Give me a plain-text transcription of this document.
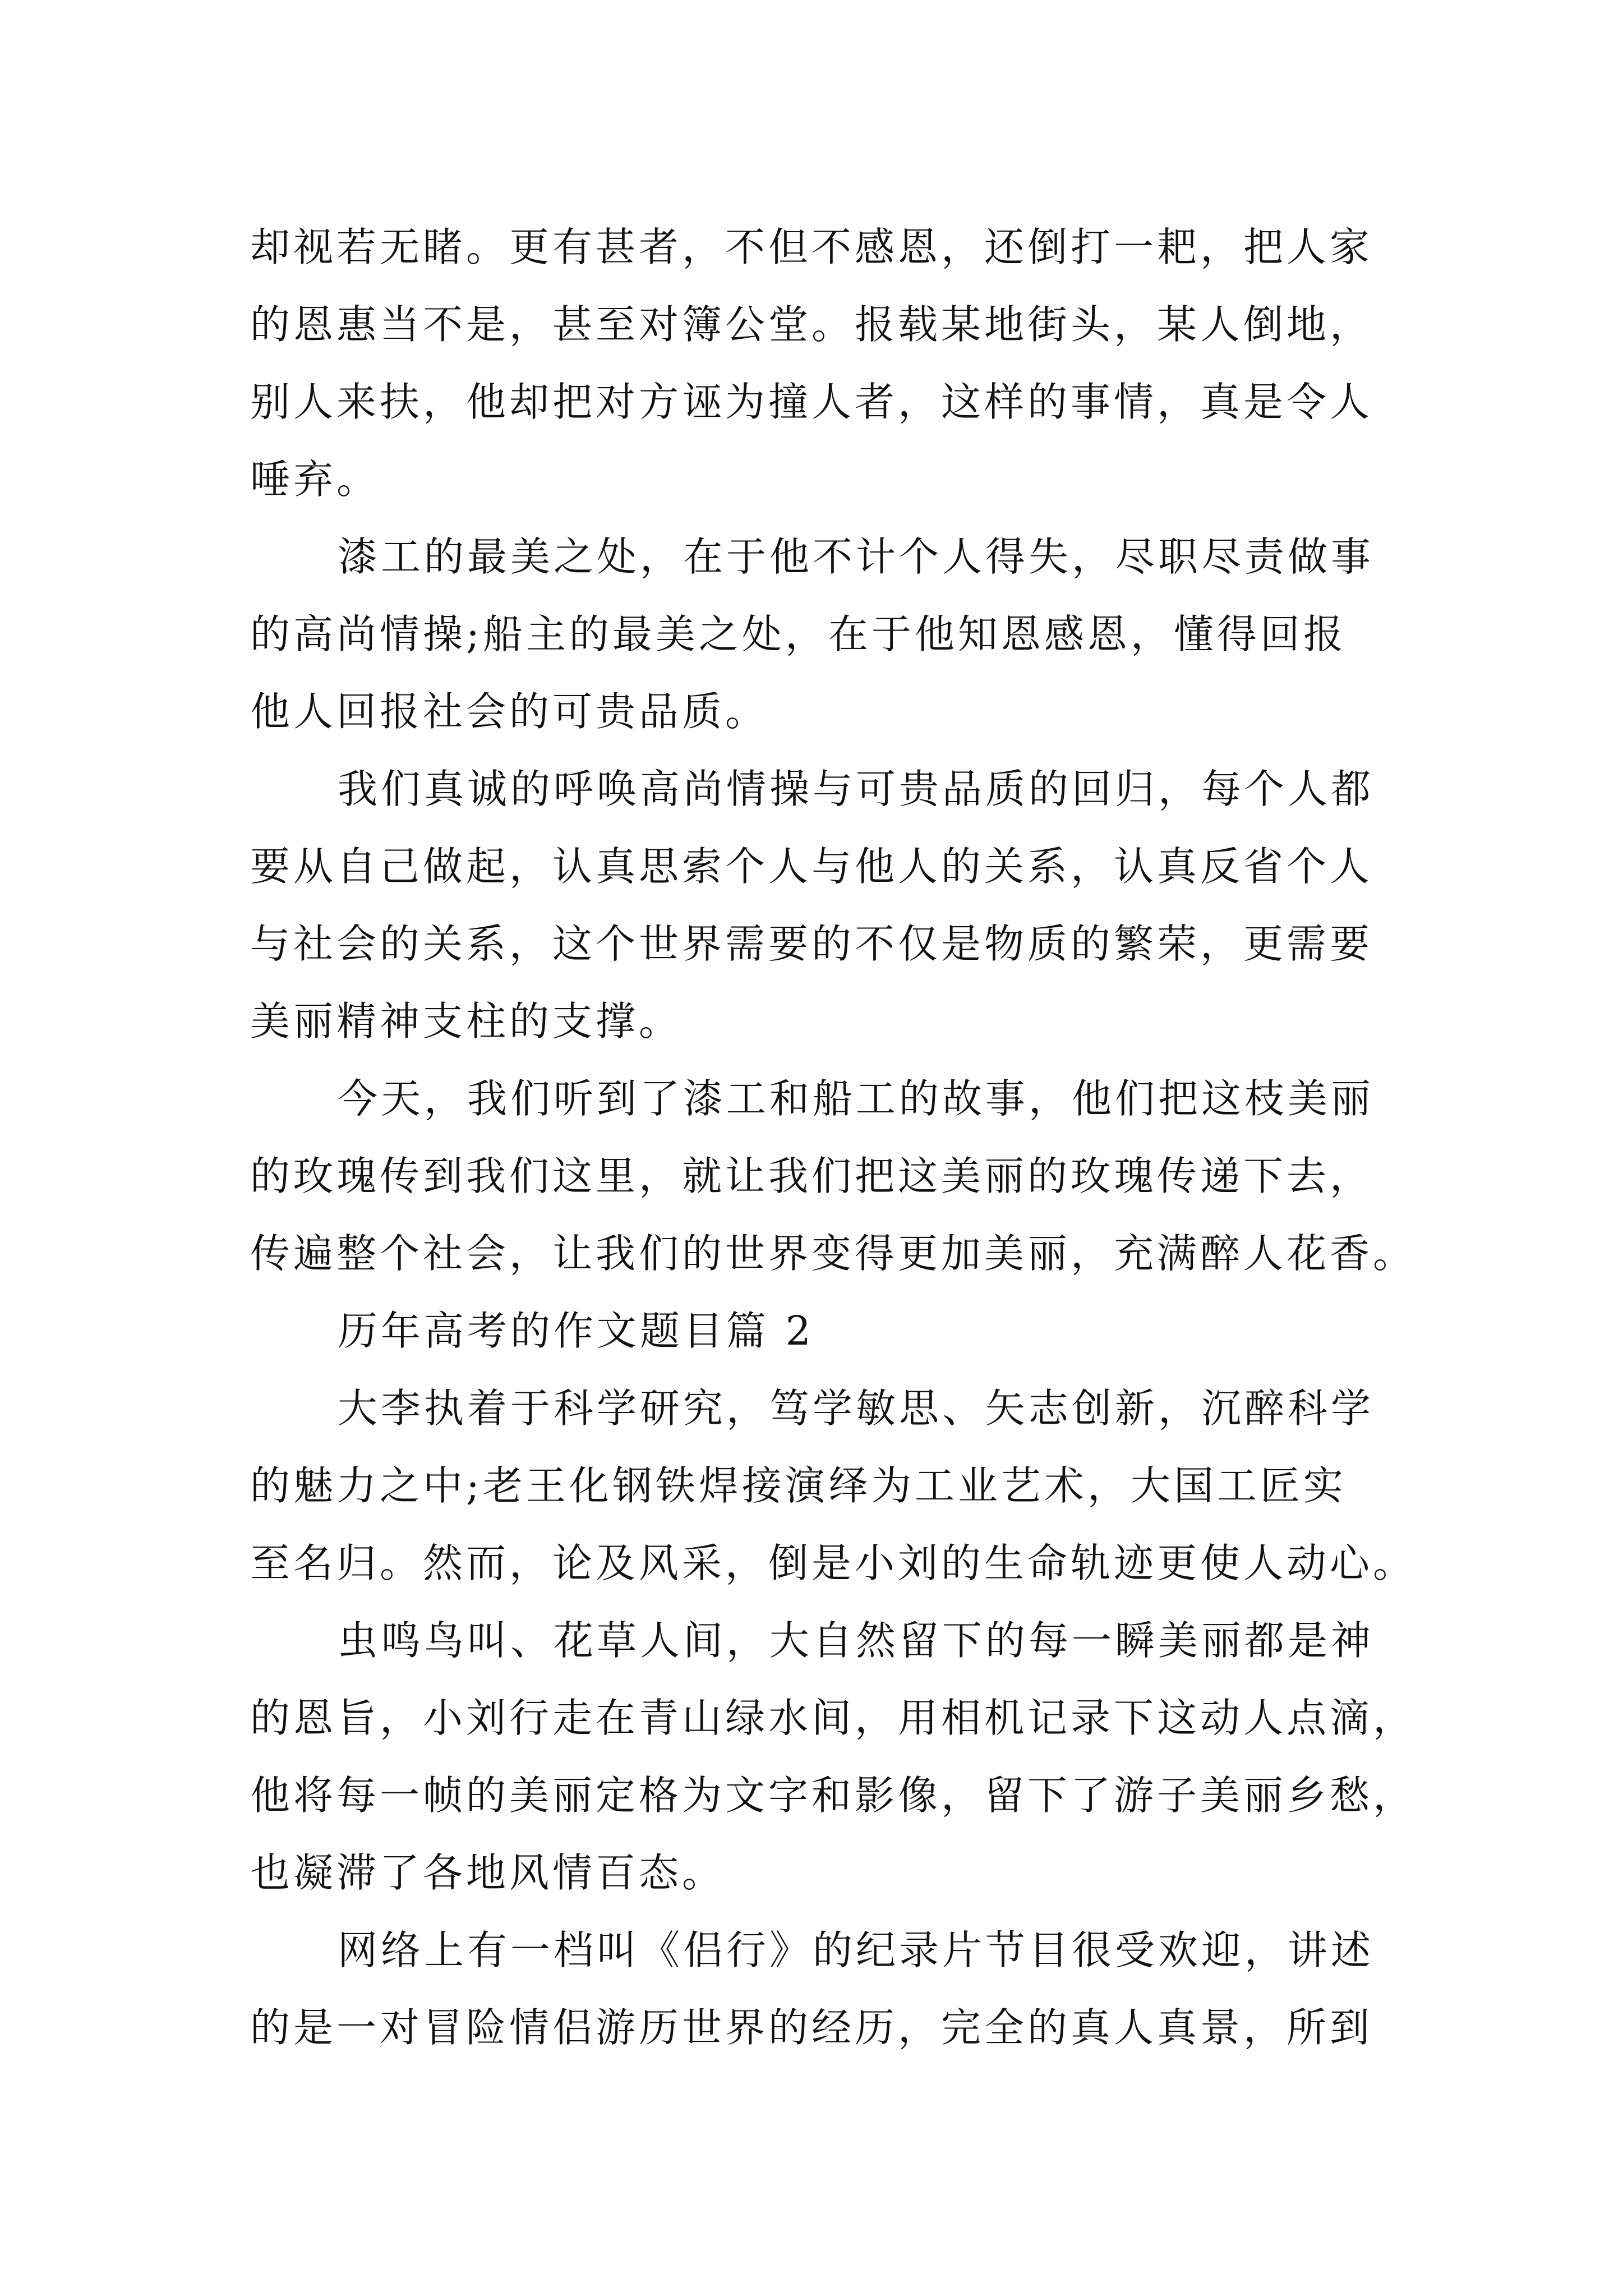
却视若无睹。更有甚者，不但不感恩，还倒打一耙，把人家
的恩惠当不是，甚至对簿公堂。报载某地街头，某人倒地，
别人来扶，他却把对方诬为撞人者，这样的事情，真是令人
唾弃。
漆工的最美之处，在于他不计个人得失，尽职尽责做事
的高尚情操;船主的最美之处，在于他知恩感恩，懂得回报
他人回报社会的可贵品质。
我们真诚的呼唤高尚情操与可贵品质的回归，每个人都
要从自己做起，认真思索个人与他人的关系，认真反省个人
与社会的关系，这个世界需要的不仅是物质的繁荣，更需要
美丽精神支柱的支撑。
今天，我们听到了漆工和船工的故事，他们把这枝美丽
的玫瑰传到我们这里，就让我们把这美丽的玫瑰传递下去，
传遍整个社会，让我们的世界变得更加美丽，充满醉人花香。
历年高考的作文题目篇 2
大李执着于科学研究，笃学敏思、矢志创新，沉醉科学
的魅力之中;老王化钢铁焊接演绎为工业艺术，大国工匠实
至名归。然而，论及风采，倒是小刘的生命轨迹更使人动心。
虫鸣鸟叫、花草人间，大自然留下的每一瞬美丽都是神
的恩旨，小刘行走在青山绿水间，用相机记录下这动人点滴，
他将每一帧的美丽定格为文字和影像，留下了游子美丽乡愁，
也凝滞了各地风情百态。
网络上有一档叫《侣行》的纪录片节目很受欢迎，讲述
的是一对冒险情侣游历世界的经历，完全的真人真景，所到
